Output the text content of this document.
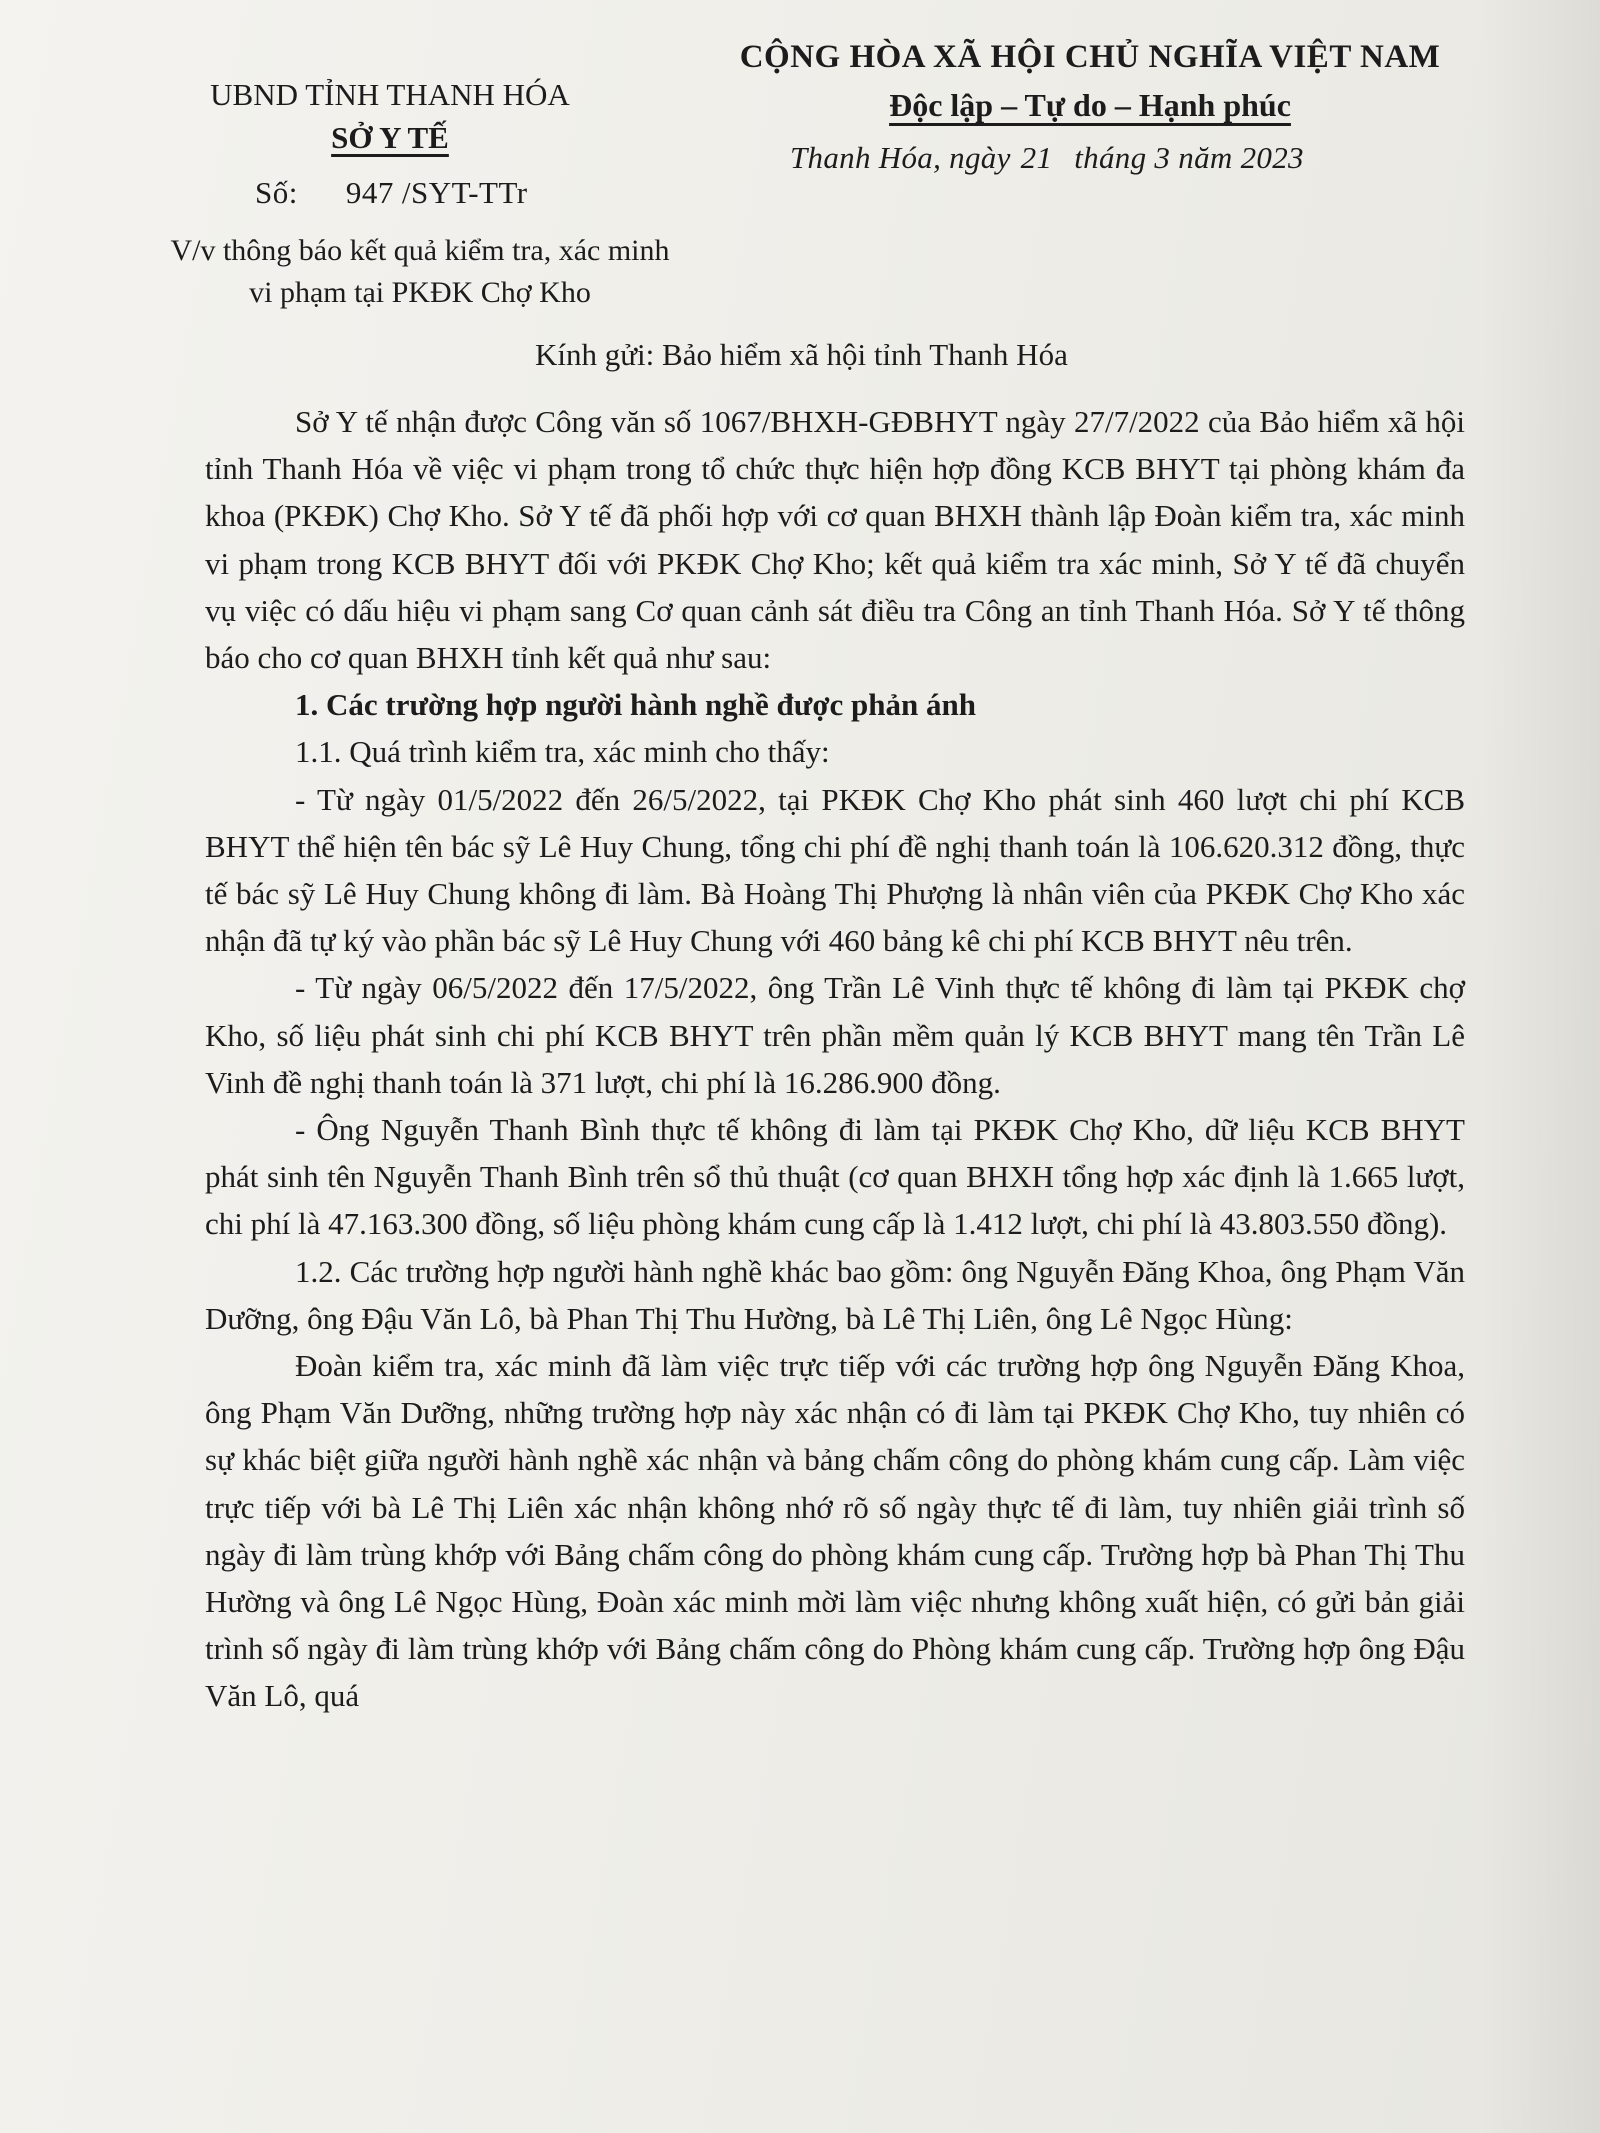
UBND TỈNH THANH HÓA
SỞ Y TẾ
Số: 947 /SYT-TTr
V/v thông báo kết quả kiểm tra, xác minh vi phạm tại PKĐK Chợ Kho
CỘNG HÒA XÃ HỘI CHỦ NGHĨA VIỆT NAM
Độc lập – Tự do – Hạnh phúc
Thanh Hóa, ngày 21 tháng 3 năm 2023
Kính gửi: Bảo hiểm xã hội tỉnh Thanh Hóa

Sở Y tế nhận được Công văn số 1067/BHXH-GĐBHYT ngày 27/7/2022 của Bảo hiểm xã hội tỉnh Thanh Hóa về việc vi phạm trong tổ chức thực hiện hợp đồng KCB BHYT tại phòng khám đa khoa (PKĐK) Chợ Kho. Sở Y tế đã phối hợp với cơ quan BHXH thành lập Đoàn kiểm tra, xác minh vi phạm trong KCB BHYT đối với PKĐK Chợ Kho; kết quả kiểm tra xác minh, Sở Y tế đã chuyển vụ việc có dấu hiệu vi phạm sang Cơ quan cảnh sát điều tra Công an tỉnh Thanh Hóa. Sở Y tế thông báo cho cơ quan BHXH tỉnh kết quả như sau:

1. Các trường hợp người hành nghề được phản ánh

1.1. Quá trình kiểm tra, xác minh cho thấy:

- Từ ngày 01/5/2022 đến 26/5/2022, tại PKĐK Chợ Kho phát sinh 460 lượt chi phí KCB BHYT thể hiện tên bác sỹ Lê Huy Chung, tổng chi phí đề nghị thanh toán là 106.620.312 đồng, thực tế bác sỹ Lê Huy Chung không đi làm. Bà Hoàng Thị Phượng là nhân viên của PKĐK Chợ Kho xác nhận đã tự ký vào phần bác sỹ Lê Huy Chung với 460 bảng kê chi phí KCB BHYT nêu trên.

- Từ ngày 06/5/2022 đến 17/5/2022, ông Trần Lê Vinh thực tế không đi làm tại PKĐK chợ Kho, số liệu phát sinh chi phí KCB BHYT trên phần mềm quản lý KCB BHYT mang tên Trần Lê Vinh đề nghị thanh toán là 371 lượt, chi phí là 16.286.900 đồng.

- Ông Nguyễn Thanh Bình thực tế không đi làm tại PKĐK Chợ Kho, dữ liệu KCB BHYT phát sinh tên Nguyễn Thanh Bình trên sổ thủ thuật (cơ quan BHXH tổng hợp xác định là 1.665 lượt, chi phí là 47.163.300 đồng, số liệu phòng khám cung cấp là 1.412 lượt, chi phí là 43.803.550 đồng).

1.2. Các trường hợp người hành nghề khác bao gồm: ông Nguyễn Đăng Khoa, ông Phạm Văn Dưỡng, ông Đậu Văn Lô, bà Phan Thị Thu Hường, bà Lê Thị Liên, ông Lê Ngọc Hùng:

Đoàn kiểm tra, xác minh đã làm việc trực tiếp với các trường hợp ông Nguyễn Đăng Khoa, ông Phạm Văn Dưỡng, những trường hợp này xác nhận có đi làm tại PKĐK Chợ Kho, tuy nhiên có sự khác biệt giữa người hành nghề xác nhận và bảng chấm công do phòng khám cung cấp. Làm việc trực tiếp với bà Lê Thị Liên xác nhận không nhớ rõ số ngày thực tế đi làm, tuy nhiên giải trình số ngày đi làm trùng khớp với Bảng chấm công do phòng khám cung cấp. Trường hợp bà Phan Thị Thu Hường và ông Lê Ngọc Hùng, Đoàn xác minh mời làm việc nhưng không xuất hiện, có gửi bản giải trình số ngày đi làm trùng khớp với Bảng chấm công do Phòng khám cung cấp. Trường hợp ông Đậu Văn Lô, quá
